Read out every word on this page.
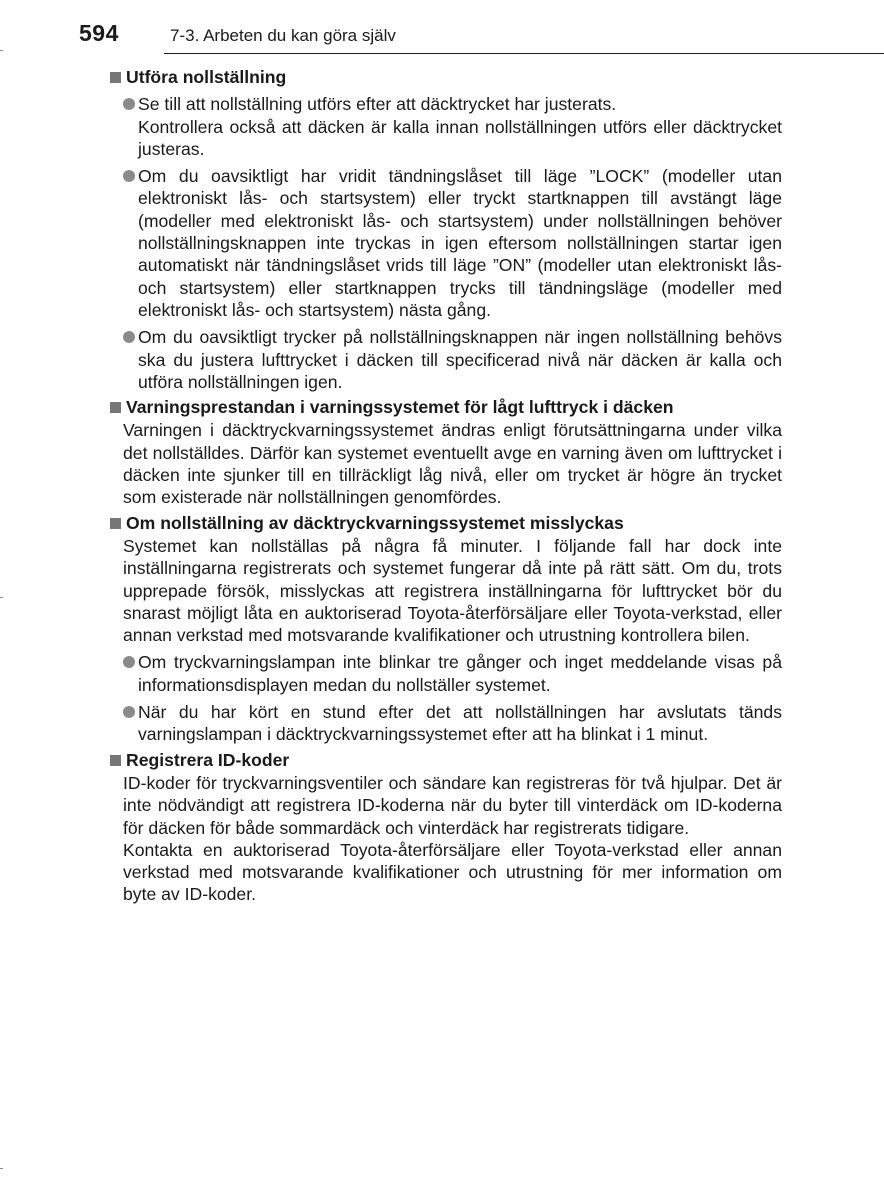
594	7-3. Arbeten du kan göra själv
Utföra nollställning
Se till att nollställning utförs efter att däcktrycket har justerats.
Kontrollera också att däcken är kalla innan nollställningen utförs eller däcktrycket justeras.
Om du oavsiktligt har vridit tändningslåset till läge ”LOCK” (modeller utan elektroniskt lås- och startsystem) eller tryckt startknappen till avstängt läge (modeller med elektroniskt lås- och startsystem) under nollställningen behöver nollställningsknappen inte tryckas in igen eftersom nollställningen startar igen automatiskt när tändningslåset vrids till läge ”ON” (modeller utan elektroniskt lås- och startsystem) eller startknappen trycks till tändningsläge (modeller med elektroniskt lås- och startsystem) nästa gång.
Om du oavsiktligt trycker på nollställningsknappen när ingen nollställning behövs ska du justera lufttrycket i däcken till specificerad nivå när däcken är kalla och utföra nollställningen igen.
Varningsprestandan i varningssystemet för lågt lufttryck i däcken
Varningen i däcktryckvarningssystemet ändras enligt förutsättningarna under vilka det nollställdes. Därför kan systemet eventuellt avge en varning även om lufttrycket i däcken inte sjunker till en tillräckligt låg nivå, eller om trycket är högre än trycket som existerade när nollställningen genomfördes.
Om nollställning av däcktryckvarningssystemet misslyckas
Systemet kan nollställas på några få minuter. I följande fall har dock inte inställningarna registrerats och systemet fungerar då inte på rätt sätt. Om du, trots upprepade försök, misslyckas att registrera inställningarna för lufttrycket bör du snarast möjligt låta en auktoriserad Toyota-återförsäljare eller Toyota-verkstad, eller annan verkstad med motsvarande kvalifikationer och utrustning kontrollera bilen.
Om tryckvarningslampan inte blinkar tre gånger och inget meddelande visas på informationsdisplayen medan du nollställer systemet.
När du har kört en stund efter det att nollställningen har avslutats tänds varningslampan i däcktryckvarningssystemet efter att ha blinkat i 1 minut.
Registrera ID-koder
ID-koder för tryckvarningsventiler och sändare kan registreras för två hjulpar. Det är inte nödvändigt att registrera ID-koderna när du byter till vinterdäck om ID-koderna för däcken för både sommardäck och vinterdäck har registrerats tidigare.
Kontakta en auktoriserad Toyota-återförsäljare eller Toyota-verkstad eller annan verkstad med motsvarande kvalifikationer och utrustning för mer information om byte av ID-koder.
